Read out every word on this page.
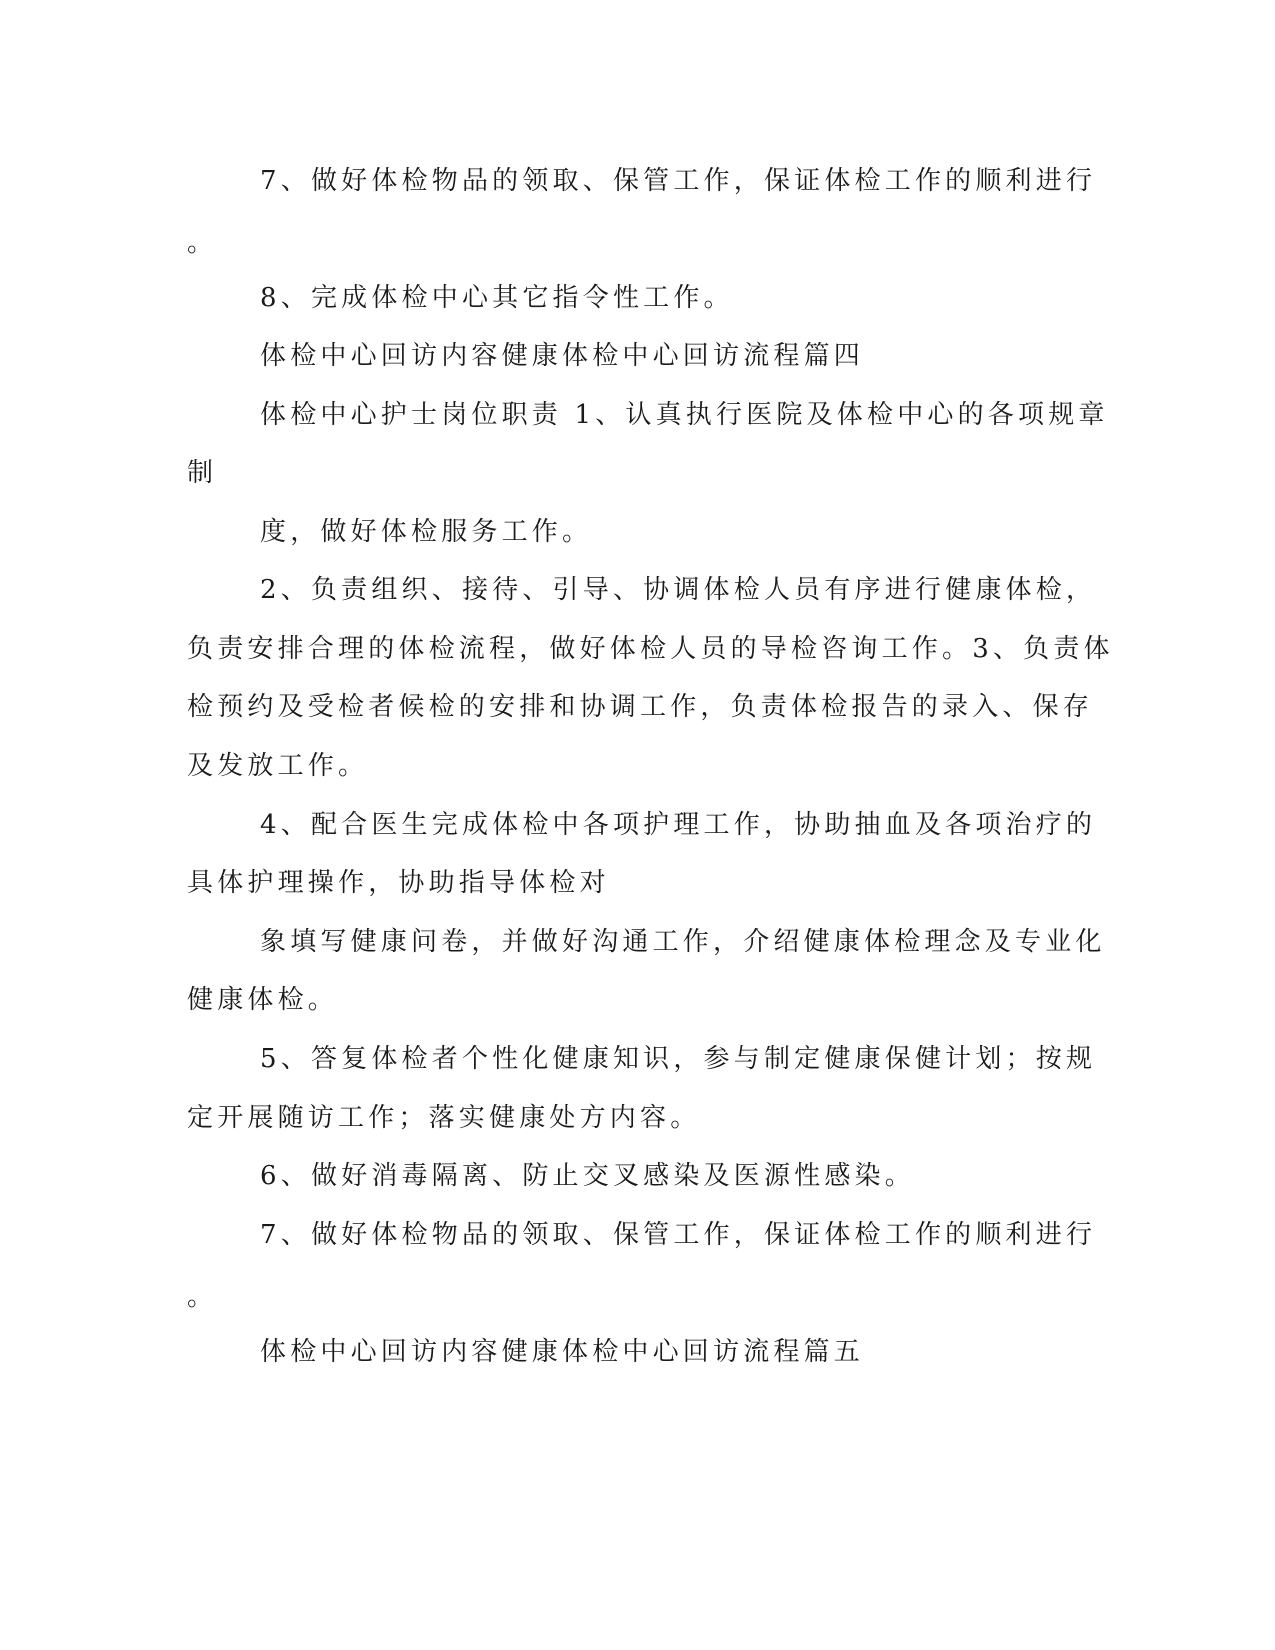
7、做好体检物品的领取、保管工作，保证体检工作的顺利进行
。
8、完成体检中心其它指令性工作。
体检中心回访内容健康体检中心回访流程篇四
体检中心护士岗位职责 1、认真执行医院及体检中心的各项规章
制
度，做好体检服务工作。
2、负责组织、接待、引导、协调体检人员有序进行健康体检，
负责安排合理的体检流程，做好体检人员的导检咨询工作。3、负责体
检预约及受检者候检的安排和协调工作，负责体检报告的录入、保存
及发放工作。
4、配合医生完成体检中各项护理工作，协助抽血及各项治疗的
具体护理操作，协助指导体检对
象填写健康问卷，并做好沟通工作，介绍健康体检理念及专业化
健康体检。
5、答复体检者个性化健康知识，参与制定健康保健计划；按规
定开展随访工作；落实健康处方内容。
6、做好消毒隔离、防止交叉感染及医源性感染。
7、做好体检物品的领取、保管工作，保证体检工作的顺利进行
。
体检中心回访内容健康体检中心回访流程篇五
